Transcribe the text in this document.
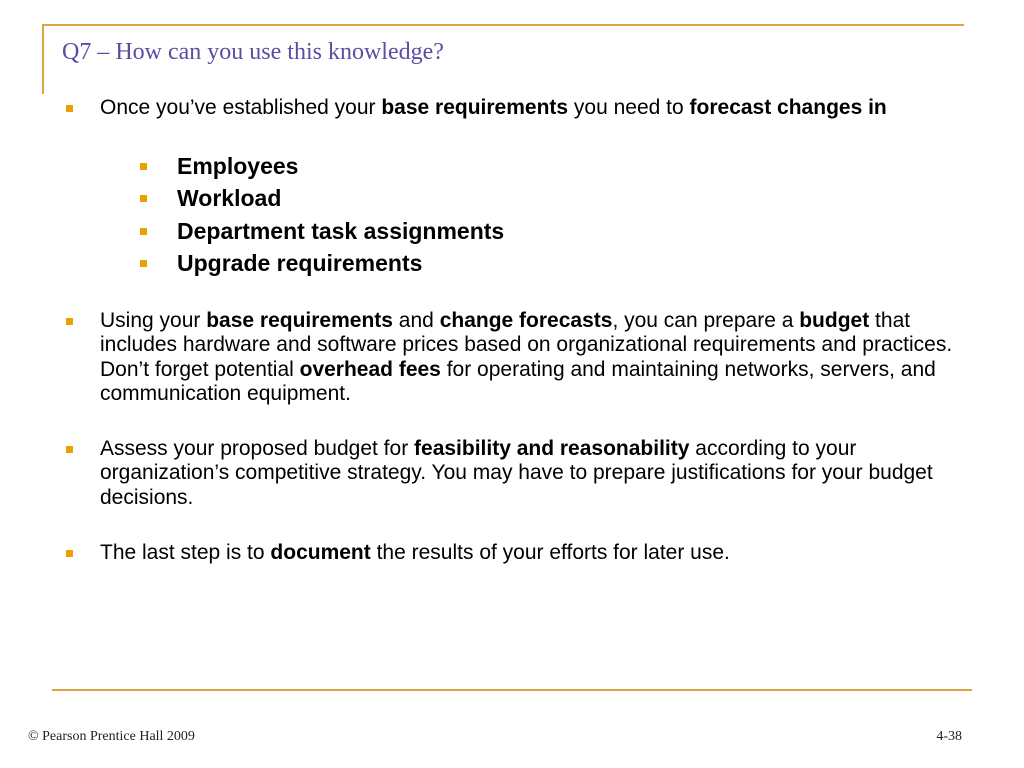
Q7 – How can you use this knowledge?
Once you’ve established your base requirements you need to forecast changes in
Employees
Workload
Department task assignments
Upgrade requirements
Using your base requirements and change forecasts, you can prepare a budget that includes hardware and software prices based on organizational requirements and practices. Don’t forget potential overhead fees for operating and maintaining networks, servers, and communication equipment.
Assess your proposed budget for feasibility and reasonability according to your organization’s competitive strategy. You may have to prepare justifications for your budget decisions.
The last step is to document the results of your efforts for later use.
© Pearson Prentice Hall 2009	4-38
